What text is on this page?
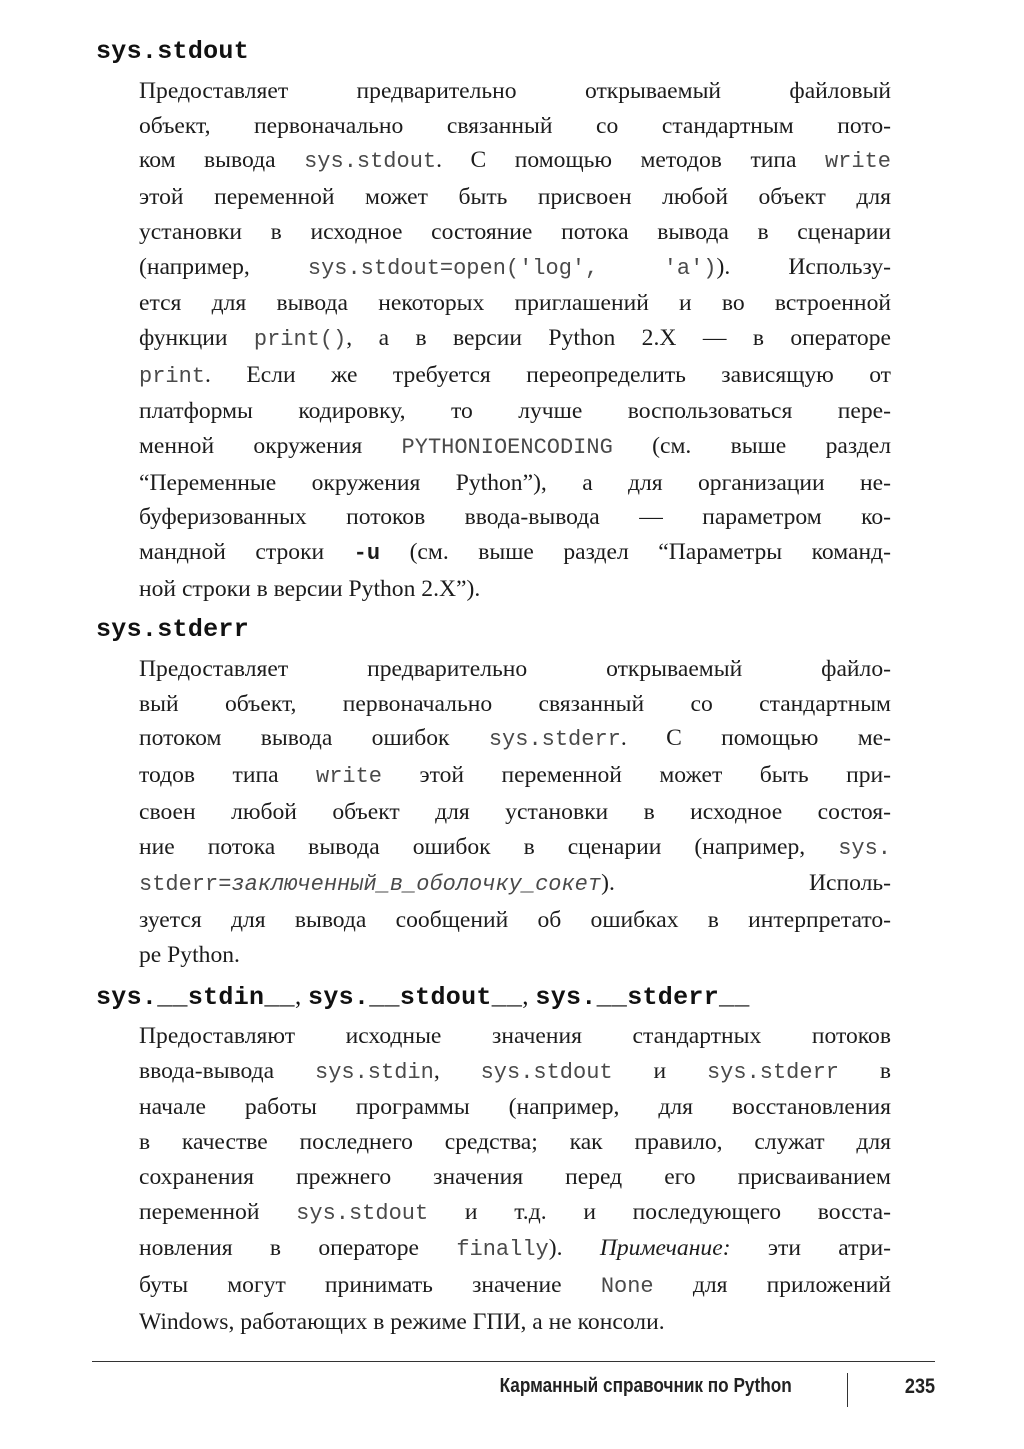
sys.stdout
Предоставляет предварительно открываемый файловый
объект, первоначально связанный со стандартным пото-
ком вывода sys.stdout. С помощью методов типа write
этой переменной может быть присвоен любой объект для
установки в исходное состояние потока вывода в сценарии
(например, sys.stdout=open('log', 'a')). Использу-
ется для вывода некоторых приглашений и во встроенной
функции print(), а в версии Python 2.X — в операторе
print. Если же требуется переопределить зависящую от
платформы кодировку, то лучше воспользоваться пере-
менной окружения PYTHONIOENCODING (см. выше раздел
“Переменные окружения Python”), а для организации не-
буферизованных потоков ввода-вывода — параметром ко-
мандной строки -u (см. выше раздел “Параметры команд-
ной строки в версии Python 2.X”).
sys.stderr
Предоставляет предварительно открываемый файло-
вый объект, первоначально связанный со стандартным
потоком вывода ошибок sys.stderr. С помощью ме-
тодов типа write этой переменной может быть при-
своен любой объект для установки в исходное состоя-
ние потока вывода ошибок в сценарии (например, sys.
stderr=заключенный_в_оболочку_сокет). Исполь-
зуется для вывода сообщений об ошибках в интерпретато-
ре Python.
sys.__stdin__, sys.__stdout__, sys.__stderr__
Предоставляют исходные значения стандартных потоков
ввода-вывода sys.stdin, sys.stdout и sys.stderr в
начале работы программы (например, для восстановления
в качестве последнего средства; как правило, служат для
сохранения прежнего значения перед его присваиванием
переменной sys.stdout и т.д. и последующего восста-
новления в операторе finally). Примечание: эти атри-
буты могут принимать значение None для приложений
Windows, работающих в режиме ГПИ, а не консоли.
Карманный справочник по Python	235
